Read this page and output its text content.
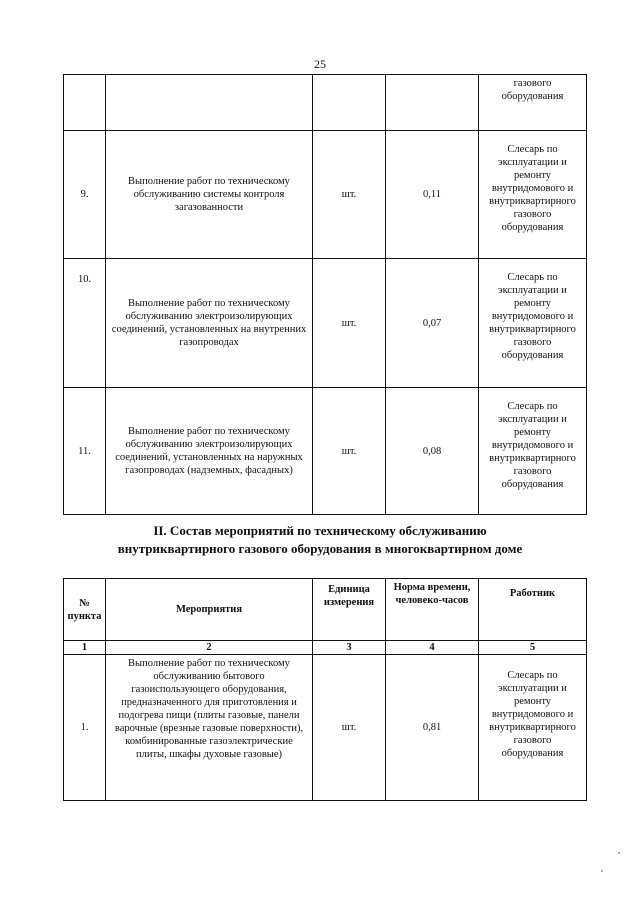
25
				газового оборудования
9.	Выполнение работ по техническому обслуживанию системы контроля загазованности	шт.	0,11	Слесарь по эксплуатации и ремонту внутридомового и внутриквартирного газового оборудования
10.	Выполнение работ по техническому обслуживанию электроизолирующих соединений, установленных на внутренних газопроводах	шт.	0,07	Слесарь по эксплуатации и ремонту внутридомового и внутриквартирного газового оборудования
11.	Выполнение работ по техническому обслуживанию электроизолирующих соединений, установленных на наружных газопроводах (надземных, фасадных)	шт.	0,08	Слесарь по эксплуатации и ремонту внутридомового и внутриквартирного газового оборудования
II. Состав мероприятий по техническому обслуживанию
внутриквартирного газового оборудования в многоквартирном доме
№ пункта	Мероприятия	Единица измерения	Норма времени, человеко-часов	Работник
1	2	3	4	5
1.	Выполнение работ по техническому обслуживанию бытового газоиспользующего оборудования, предназначенного для приготовления и подогрева пищи (плиты газовые, панели варочные (врезные газовые поверхности), комбинированные газоэлектрические плиты, шкафы духовые газовые)	шт.	0,81	Слесарь по эксплуатации и ремонту внутридомового и внутриквартирного газового оборудования
